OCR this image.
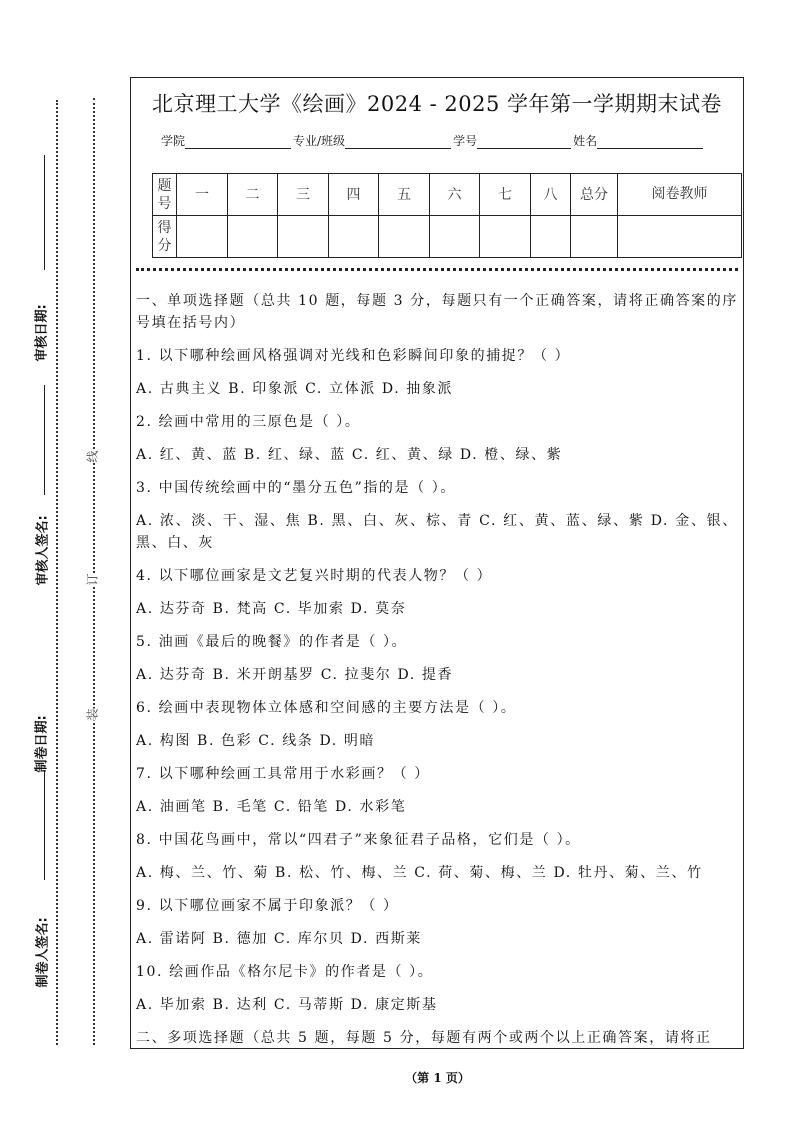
审核日期:
审核人签名:
制卷日期:
制卷人签名:
线
订
装
北京理工大学《绘画》2024 - 2025 学年第一学期期末试卷
学院	专业/班级	学号	姓名
题号	一	二	三	四	五	六	七	八	总分	阅卷教师
得分										
一、单项选择题（总共 10 题，每题 3 分，每题只有一个正确答案，请将正确答案的序号填在括号内）
1. 以下哪种绘画风格强调对光线和色彩瞬间印象的捕捉？（ ）
A. 古典主义 B. 印象派 C. 立体派 D. 抽象派
2. 绘画中常用的三原色是（ ）。
A. 红、黄、蓝 B. 红、绿、蓝 C. 红、黄、绿 D. 橙、绿、紫
3. 中国传统绘画中的“墨分五色”指的是（ ）。
A. 浓、淡、干、湿、焦 B. 黑、白、灰、棕、青 C. 红、黄、蓝、绿、紫 D. 金、银、黑、白、灰
4. 以下哪位画家是文艺复兴时期的代表人物？（ ）
A. 达芬奇 B. 梵高 C. 毕加索 D. 莫奈
5. 油画《最后的晚餐》的作者是（ ）。
A. 达芬奇 B. 米开朗基罗 C. 拉斐尔 D. 提香
6. 绘画中表现物体立体感和空间感的主要方法是（ ）。
A. 构图 B. 色彩 C. 线条 D. 明暗
7. 以下哪种绘画工具常用于水彩画？（ ）
A. 油画笔 B. 毛笔 C. 铅笔 D. 水彩笔
8. 中国花鸟画中，常以“四君子”来象征君子品格，它们是（ ）。
A. 梅、兰、竹、菊 B. 松、竹、梅、兰 C. 荷、菊、梅、兰 D. 牡丹、菊、兰、竹
9. 以下哪位画家不属于印象派？（ ）
A. 雷诺阿 B. 德加 C. 库尔贝 D. 西斯莱
10. 绘画作品《格尔尼卡》的作者是（ ）。
A. 毕加索 B. 达利 C. 马蒂斯 D. 康定斯基
二、多项选择题（总共 5 题，每题 5 分，每题有两个或两个以上正确答案，请将正
（第 1 页）
